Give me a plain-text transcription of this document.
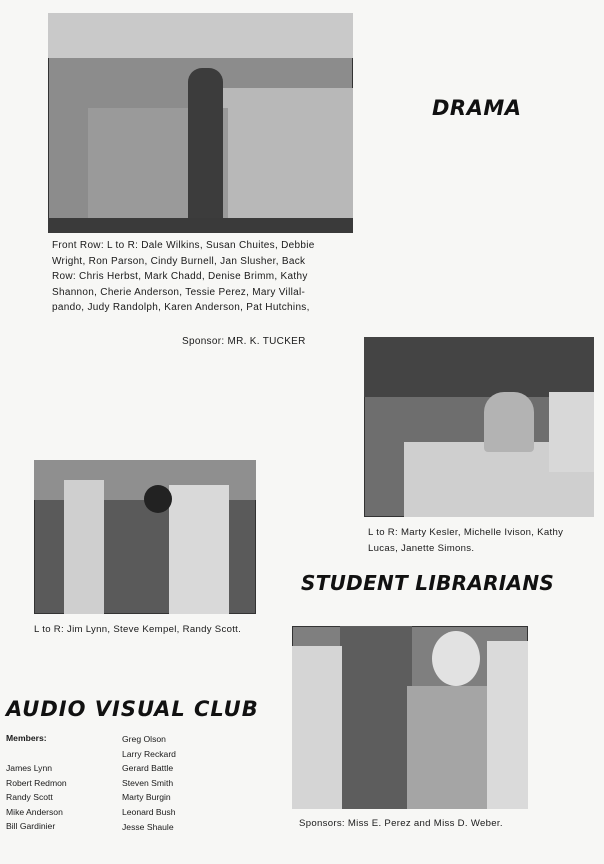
DRAMA
Front Row: L to R: Dale Wilkins, Susan Chuites, Debbie
Wright, Ron Parson, Cindy Burnell, Jan Slusher, Back
Row: Chris Herbst, Mark Chadd, Denise Brimm, Kathy
Shannon, Cherie Anderson, Tessie Perez, Mary Villal-
pando, Judy Randolph, Karen Anderson, Pat Hutchins,
Sponsor: MR. K. TUCKER
L to R: Marty Kesler, Michelle Ivison, Kathy
Lucas, Janette Simons.
L to R: Jim Lynn, Steve Kempel, Randy Scott.
STUDENT LIBRARIANS
Sponsors: Miss E. Perez and Miss D. Weber.
AUDIO VISUAL CLUB
Members:
James Lynn
Robert Redmon
Randy Scott
Mike Anderson
Bill Gardinier
Greg Olson
Larry Reckard
Gerard Battle
Steven Smith
Marty Burgin
Leonard Bush
Jesse Shaule
